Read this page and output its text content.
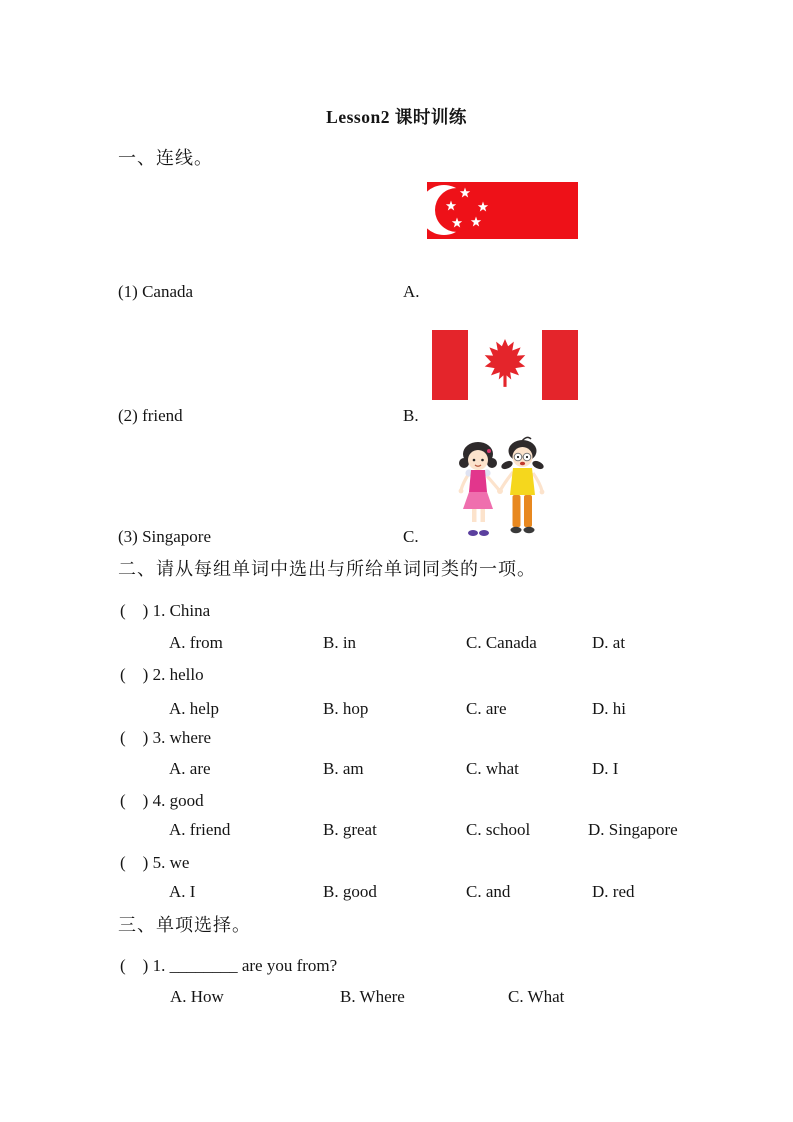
Lesson2 课时训练
一、连线。
(1) Canada	A.
(2) friend	B.
(3) Singapore	C.
二、请从每组单词中选出与所给单词同类的一项。
(    ) 1. China
A. from	B. in	C. Canada	D. at
(    ) 2. hello
A. help	B. hop	C. are	D. hi
(    ) 3. where
A. are	B. am	C. what	D. I
(    ) 4. good
A. friend	B. great	C. school	D. Singapore
(    ) 5. we
A. I	B. good	C. and	D. red
三、单项选择。
(    ) 1. ________ are you from?
A. How	B. Where	C. What
